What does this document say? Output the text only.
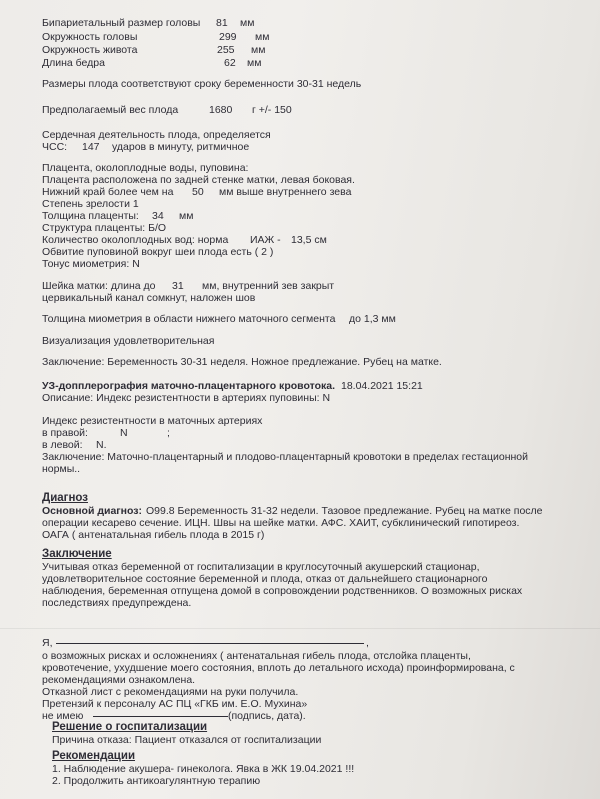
Бипариетальный размер головы 81 мм
Окружность головы	299 мм
Окружность живота	255 мм
Длина бедра	62 мм
Размеры плода соответствуют сроку беременности 30-31 недель
Предполагаемый вес плода	1680 г +/- 150
Сердечная деятельность плода, определяется
ЧСС: 147 ударов в минуту, ритмичное
Плацента, околоплодные воды, пуповина:
Плацента расположена по задней стенке матки, левая боковая.
Нижний край более чем на 50 мм выше внутреннего зева
Степень зрелости 1
Толщина плаценты: 34 мм
Структура плаценты: Б/О
Количество околоплодных вод: норма ИАЖ - 13,5 см
Обвитие пуповиной вокруг шеи плода есть ( 2 )
Тонус миометрия: N
Шейка матки: длина до 31 мм, внутренний зев закрыт
цервикальный канал сомкнут, наложен шов
Толщина миометрия в области нижнего маточного сегмента до 1,3 мм
Визуализация удовлетворительная
Заключение: Беременность 30-31 неделя. Ножное предлежание. Рубец на матке.
УЗ-допплерография маточно-плацентарного кровотока. 18.04.2021 15:21
Описание: Индекс резистентности в артериях пуповины: N
Индекс резистентности в маточных артериях
в правой:	N	;
в левой: N.
Заключение: Маточно-плацентарный и плодово-плацентарный кровотоки в пределах гестационной
нормы..
Диагноз
Основной диагноз: О99.8 Беременность 31-32 недели. Тазовое предлежание. Рубец на матке после
операции кесарево сечение. ИЦН. Швы на шейке матки. АФС. ХАИТ, субклинический гипотиреоз.
ОАГА ( антенатальная гибель плода в 2015 г)
Заключение
Учитывая отказ беременной от госпитализации в круглосуточный акушерский стационар,
удовлетворительное состояние беременной и плода, отказ от дальнейшего стационарного
наблюдения, беременная отпущена домой в сопровождении родственников. О возможных рисках
последствиях предупреждена.
Я,	,
о возможных рисках и осложнениях ( антенатальная гибель плода, отслойка плаценты,
кровотечение, ухудшение моего состояния, вплоть до летального исхода) проинформирована, с
рекомендациями ознакомлена.
Отказной лист с рекомендациями на руки получила.
Претензий к персоналу АС ПЦ «ГКБ им. Е.О. Мухина»
не имею	(подпись, дата).
Решение о госпитализации
Причина отказа: Пациент отказался от госпитализации
Рекомендации
1. Наблюдение акушера- гинеколога. Явка в ЖК 19.04.2021 !!!
2. Продолжить антикоагулянтную терапию
